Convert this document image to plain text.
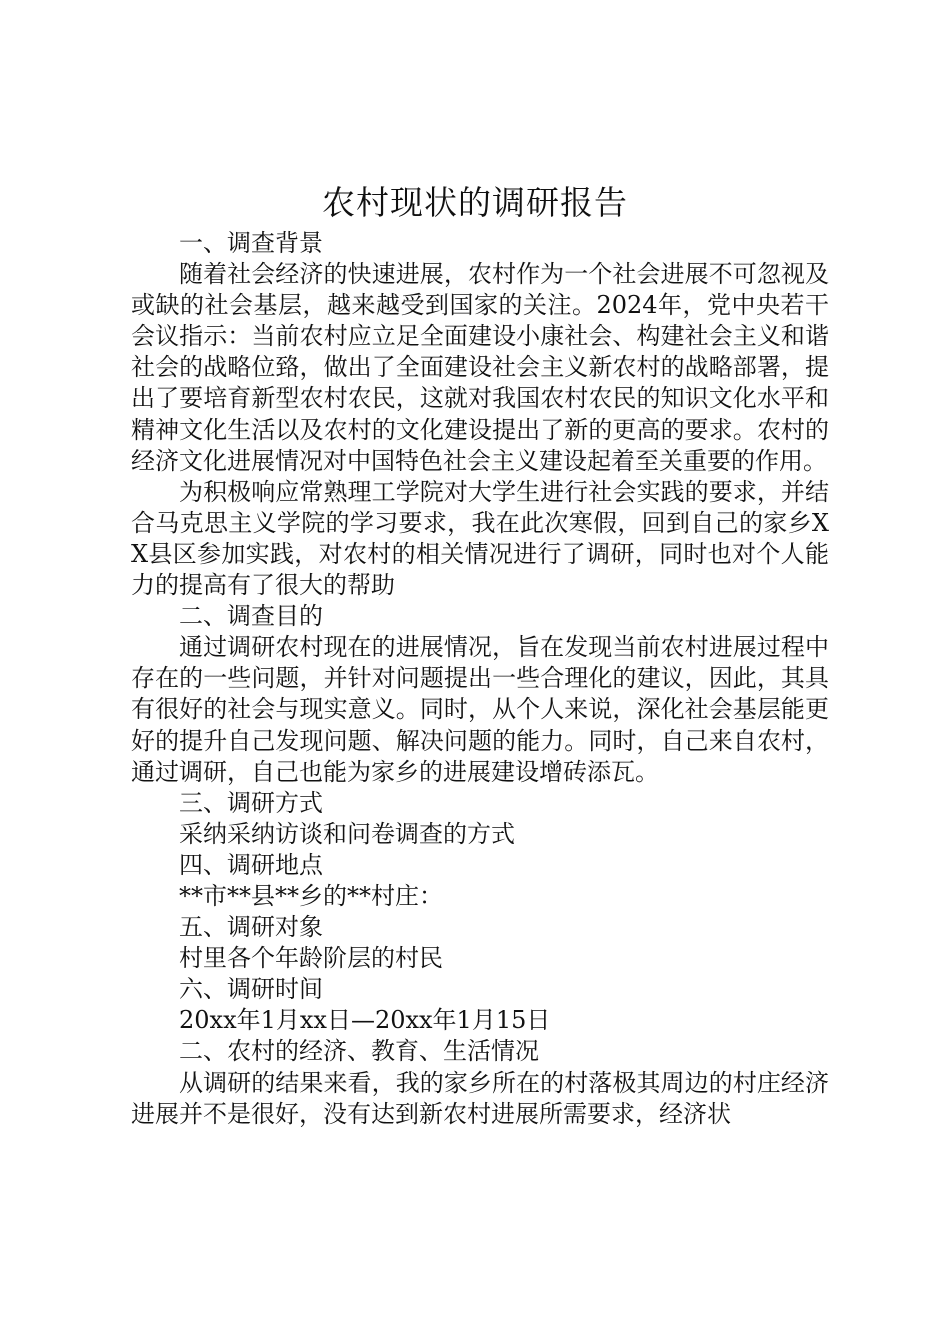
农村现状的调研报告

一、调查背景

随着社会经济的快速进展，农村作为一个社会进展不可忽视及或缺的社会基层，越来越受到国家的关注。2024年，党中央若干会议指示：当前农村应立足全面建设小康社会、构建社会主义和谐社会的战略位臵，做出了全面建设社会主义新农村的战略部署，提出了要培育新型农村农民，这就对我国农村农民的知识文化水平和精神文化生活以及农村的文化建设提出了新的更高的要求。农村的经济文化进展情况对中国特色社会主义建设起着至关重要的作用。

为积极响应常熟理工学院对大学生进行社会实践的要求，并结合马克思主义学院的学习要求，我在此次寒假，回到自己的家乡XX县区参加实践，对农村的相关情况进行了调研，同时也对个人能力的提高有了很大的帮助

二、调查目的

通过调研农村现在的进展情况，旨在发现当前农村进展过程中存在的一些问题，并针对问题提出一些合理化的建议，因此，其具有很好的社会与现实意义。同时，从个人来说，深化社会基层能更好的提升自己发现问题、解决问题的能力。同时，自己来自农村，通过调研，自己也能为家乡的进展建设增砖添瓦。

三、调研方式

采纳采纳访谈和问卷调查的方式

四、调研地点

**市**县**乡的**村庄：

五、调研对象

村里各个年龄阶层的村民

六、调研时间

20xx年1月xx日—20xx年1月15日

二、农村的经济、教育、生活情况

从调研的结果来看，我的家乡所在的村落极其周边的村庄经济进展并不是很好，没有达到新农村进展所需要求，经济状
